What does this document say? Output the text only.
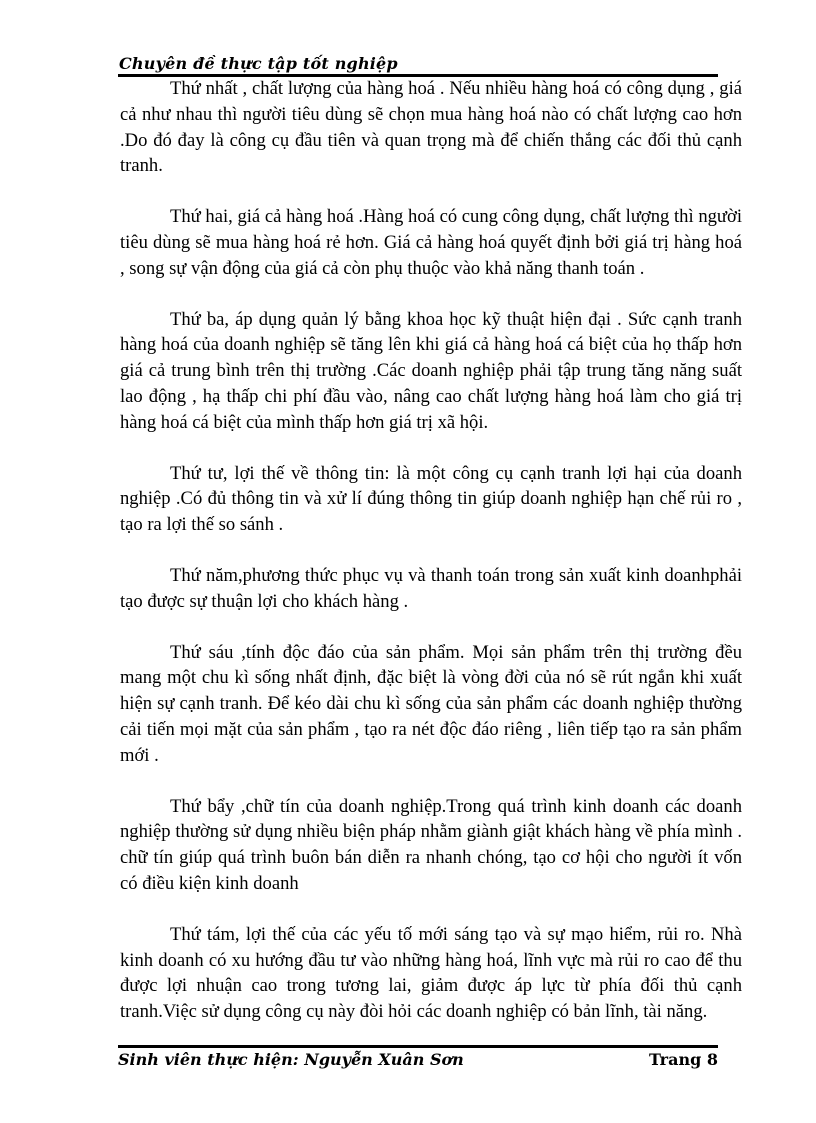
Chuyên đề thực tập tốt nghiệp

Thứ nhất , chất lượng của hàng hoá . Nếu nhiều hàng hoá có công dụng , giá cả như nhau thì người tiêu dùng sẽ chọn mua hàng hoá nào có chất lượng cao hơn .Do đó đay là công cụ đầu tiên và quan trọng mà để chiến thắng các đối thủ cạnh tranh.

Thứ hai, giá cả hàng hoá .Hàng hoá có cung công dụng, chất lượng thì người tiêu dùng sẽ mua hàng hoá rẻ hơn. Giá cả hàng hoá quyết định bởi giá trị hàng hoá , song sự vận động của giá cả còn phụ thuộc vào khả năng thanh toán .

Thứ ba, áp dụng quản lý bằng khoa học kỹ thuật hiện đại . Sức cạnh tranh hàng hoá của doanh nghiệp sẽ tăng lên khi giá cả hàng hoá cá biệt của họ thấp hơn giá cả trung bình trên thị trường .Các doanh nghiệp phải tập trung tăng năng suất lao động , hạ thấp chi phí đầu vào, nâng cao chất lượng hàng hoá làm cho giá trị hàng hoá cá biệt của mình thấp hơn giá trị xã hội.

Thứ tư, lợi thế về thông tin: là một công cụ cạnh tranh lợi hại của doanh nghiệp .Có đủ thông tin và xử lí đúng thông tin giúp doanh nghiệp hạn chế rủi ro , tạo ra lợi thế so sánh .

Thứ năm,phương thức phục vụ và thanh toán trong sản xuất kinh doanhphải tạo được sự thuận lợi cho khách hàng .

Thứ sáu ,tính độc đáo của sản phẩm. Mọi sản phẩm trên thị trường đều mang một chu kì sống nhất định, đặc biệt là vòng đời của nó sẽ rút ngắn khi xuất hiện sự cạnh tranh. Để kéo dài chu kì sống của sản phẩm các doanh nghiệp thường cải tiến mọi mặt của sản phẩm , tạo ra nét độc đáo riêng , liên tiếp tạo ra sản phẩm mới .

Thứ bẩy ,chữ tín của doanh nghiệp.Trong quá trình kinh doanh các doanh nghiệp thường sử dụng nhiều biện pháp nhằm giành giật khách hàng về phía mình . chữ tín giúp quá trình buôn bán diễn ra nhanh chóng, tạo cơ hội cho người ít vốn có điều kiện kinh doanh

Thứ tám, lợi thế của các yếu tố mới sáng tạo và sự mạo hiểm, rủi ro. Nhà kinh doanh có xu hướng đầu tư vào những hàng hoá, lĩnh vực mà rủi ro cao để thu được lợi nhuận cao trong tương lai, giảm được áp lực từ phía đối thủ cạnh tranh.Việc sử dụng công cụ này đòi hỏi các doanh nghiệp có bản lĩnh, tài năng.

Sinh viên thực hiện: Nguyễn Xuân Sơn	Trang 8
